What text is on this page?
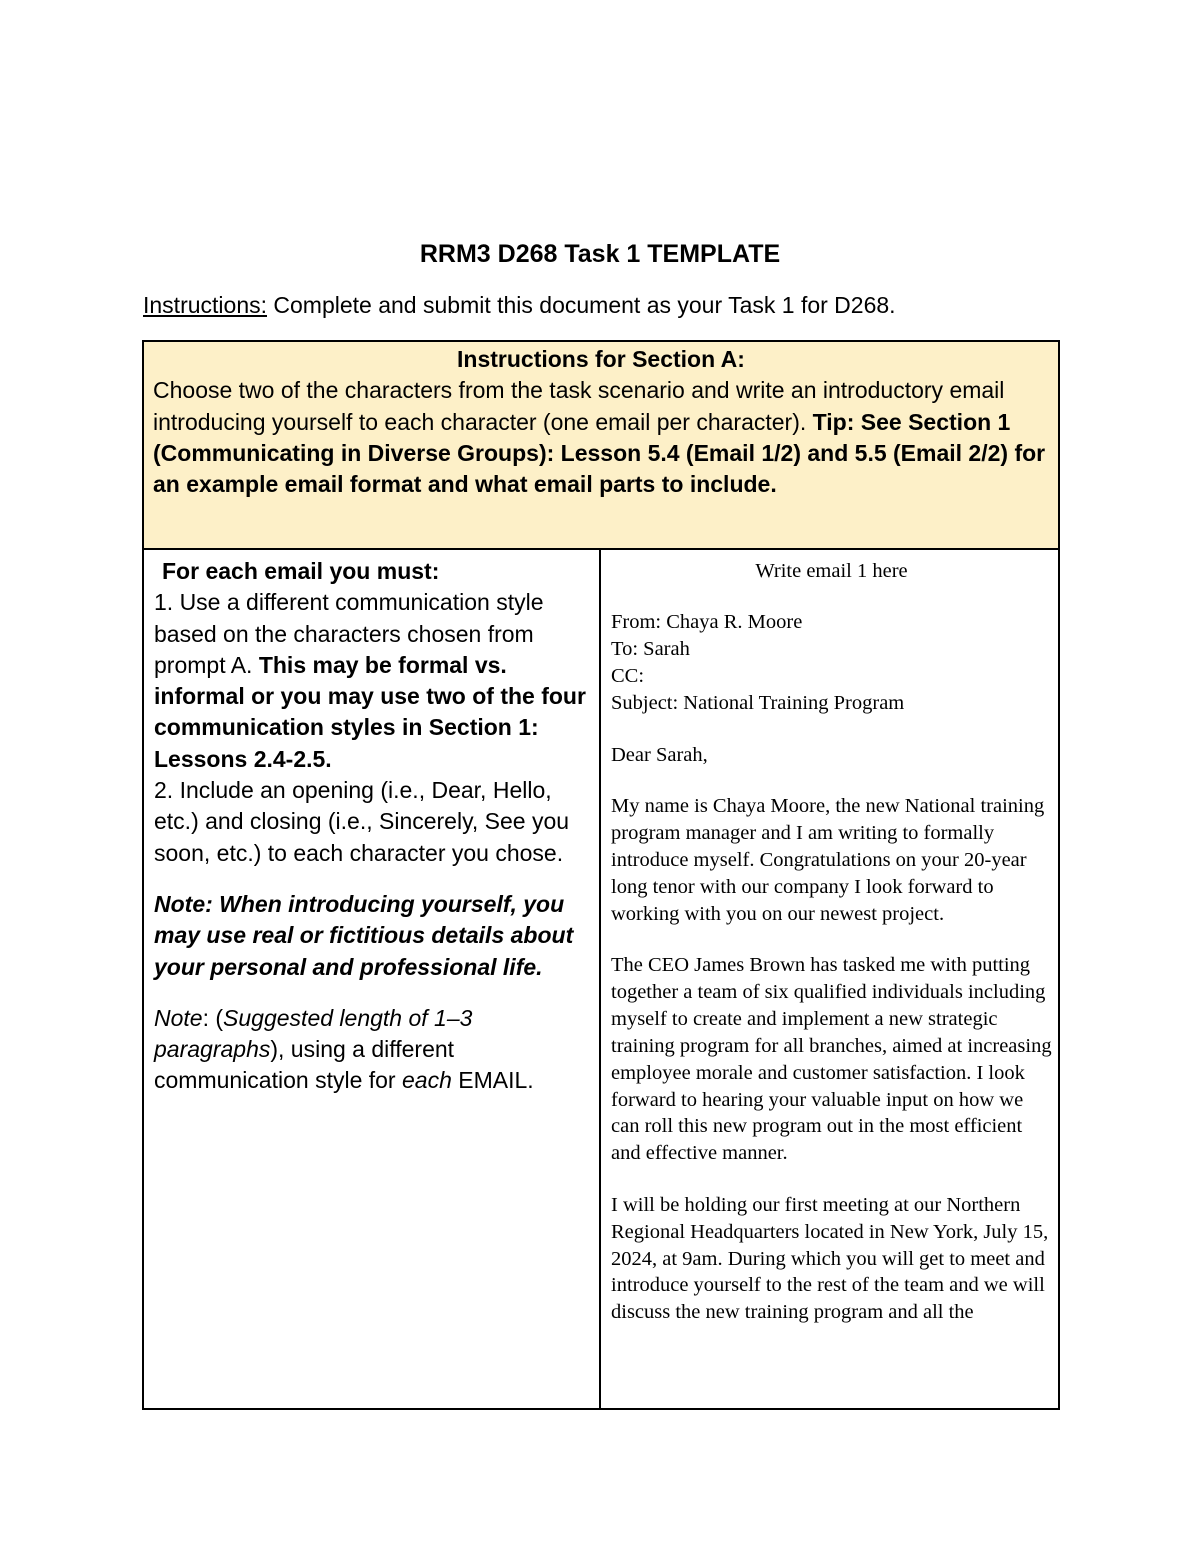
RRM3 D268 Task 1 TEMPLATE
Instructions: Complete and submit this document as your Task 1 for D268.
Instructions for Section A:
Choose two of the characters from the task scenario and write an introductory email introducing yourself to each character (one email per character). Tip: See Section 1 (Communicating in Diverse Groups): Lesson 5.4 (Email 1/2) and 5.5 (Email 2/2) for an example email format and what email parts to include.

For each email you must:

1. Use a different communication style based on the characters chosen from prompt A. This may be formal vs. informal or you may use two of the four communication styles in Section 1: Lessons 2.4-2.5.

2. Include an opening (i.e., Dear, Hello, etc.) and closing (i.e., Sincerely, See you soon, etc.) to each character you chose.

Note: When introducing yourself, you may use real or fictitious details about your personal and professional life.

Note: (Suggested length of 1–3 paragraphs), using a different communication style for each EMAIL.

Write email 1 here

From: Chaya R. Moore

To: Sarah

CC:

Subject: National Training Program

Dear Sarah,

My name is Chaya Moore, the new National training program manager and I am writing to formally introduce myself. Congratulations on your 20-year long tenor with our company I look forward to working with you on our newest project.

The CEO James Brown has tasked me with putting together a team of six qualified individuals including myself to create and implement a new strategic training program for all branches, aimed at increasing employee morale and customer satisfaction. I look forward to hearing your valuable input on how we can roll this new program out in the most efficient and effective manner.

I will be holding our first meeting at our Northern Regional Headquarters located in New York, July 15, 2024, at 9am. During which you will get to meet and introduce yourself to the rest of the team and we will discuss the new training program and all the
